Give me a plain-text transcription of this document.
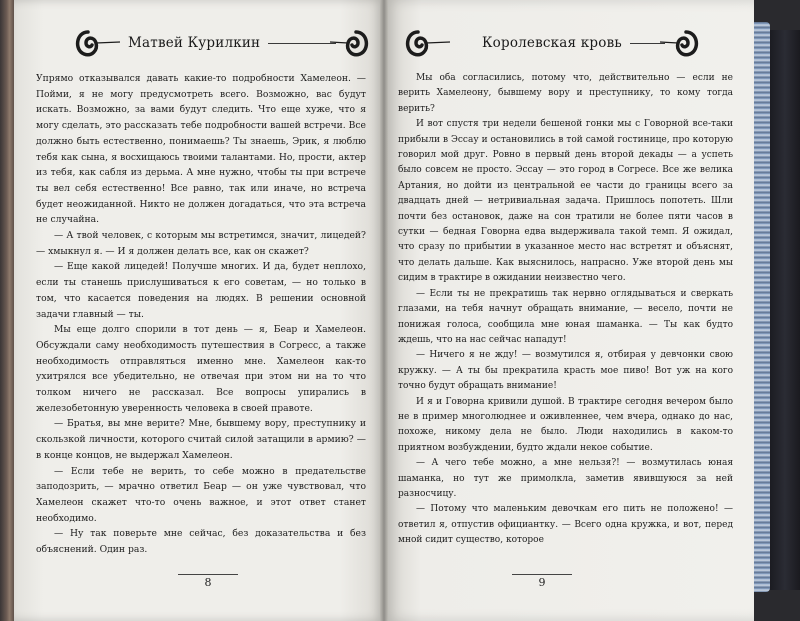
Матвей Курилкин	Королевская кровь

Упрямо отказывался давать какие-то подробности Хамелеон. — Пойми, я не могу предусмотреть всего. Возможно, вас будут искать. Возможно, за вами будут следить. Что еще хуже, что я могу сделать, это рассказать тебе подробности вашей встречи. Все должно быть естественно, понимаешь? Ты знаешь, Эрик, я люблю тебя как сына, я восхищаюсь твоими талантами. Но, прости, актер из тебя, как сабля из дерьма. А мне нужно, чтобы ты при встрече ты вел себя естественно! Все равно, так или иначе, но встреча будет неожиданной. Никто не должен догадаться, что эта встреча не случайна.

— А твой человек, с которым мы встретимся, значит, лицедей? — хмыкнул я. — И я должен делать все, как он скажет?

— Еще какой лицедей! Получше многих. И да, будет неплохо, если ты станешь прислушиваться к его советам, — но только в том, что касается поведения на людях. В решении основной задачи главный — ты.

Мы еще долго спорили в тот день — я, Беар и Хамелеон. Обсуждали саму необходимость путешествия в Согресс, а также необходимость отправляться именно мне. Хамелеон как-то ухитрялся все убедительно, не отвечая при этом ни на то что толком ничего не рассказал. Все вопросы упирались в железобетонную уверенность человека в своей правоте.

— Братья, вы мне верите? Мне, бывшему вору, преступнику и скользкой личности, которого считай силой затащили в армию? — в конце концов, не выдержал Хамелеон.

— Если тебе не верить, то себе можно в предательстве заподозрить, — мрачно ответил Беар — он уже чувствовал, что Хамелеон скажет что-то очень важное, и этот ответ станет необходимо.

— Ну так поверьте мне сейчас, без доказательства и без объяснений. Один раз.

Мы оба согласились, потому что, действительно — если не верить Хамелеону, бывшему вору и преступнику, то кому тогда верить?

И вот спустя три недели бешеной гонки мы с Говорной все-таки прибыли в Эссау и остановились в той самой гостинице, про которую говорил мой друг. Ровно в первый день второй декады — а успеть было совсем не просто. Эссау — это город в Согресе. Все же велика Артания, но дойти из центральной ее части до границы всего за двадцать дней — нетривиальная задача. Пришлось попотеть. Шли почти без остановок, даже на сон тратили не более пяти часов в сутки — бедная Говорна едва выдерживала такой темп. Я ожидал, что сразу по прибытии в указанное место нас встретят и объяснят, что делать дальше. Как выяснилось, напрасно. Уже второй день мы сидим в трактире в ожидании неизвестно чего.

— Если ты не прекратишь так нервно оглядываться и сверкать глазами, на тебя начнут обращать внимание, — весело, почти не понижая голоса, сообщила мне юная шаманка. — Ты как будто ждешь, что на нас сейчас нападут!

— Ничего я не жду! — возмутился я, отбирая у девчонки свою кружку. — А ты бы прекратила красть мое пиво! Вот уж на кого точно будут обращать внимание!

И я и Говорна кривили душой. В трактире сегодня вечером было не в пример многолюднее и оживленнее, чем вчера, однако до нас, похоже, никому дела не было. Люди находились в каком-то приятном возбуждении, будто ждали некое событие.

— А чего тебе можно, а мне нельзя?! — возмутилась юная шаманка, но тут же примолкла, заметив явившуюся за ней разносчицу.

— Потому что маленьким девочкам его пить не положено! — ответил я, отпустив официантку. — Всего одна кружка, и вот, перед мной сидит существо, которое

8	9
